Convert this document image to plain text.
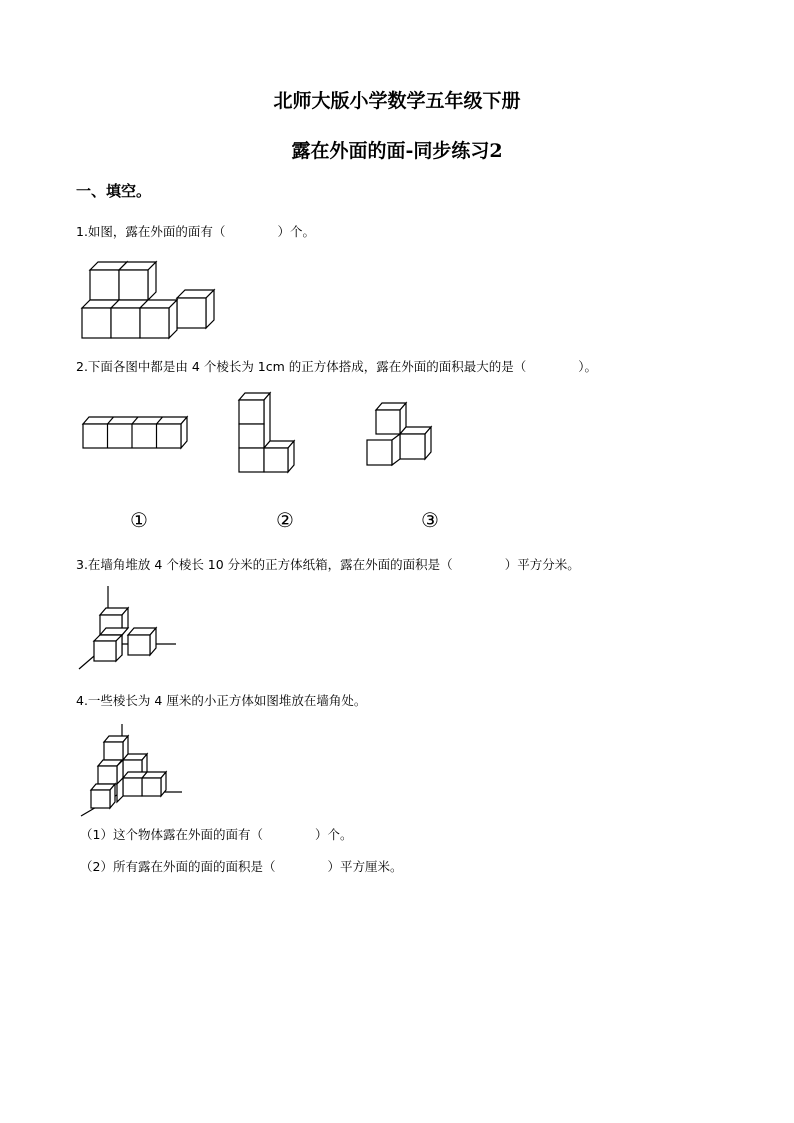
北师大版小学数学五年级下册
露在外面的面-同步练习2
一、填空。
1.如图，露在外面的面有（	）个。
2.下面各图中都是由 4 个棱长为 1cm 的正方体搭成，露在外面的面积最大的是（	）。
①	②	③
3.在墙角堆放 4 个棱长 10 分米的正方体纸箱，露在外面的面积是（	）平方分米。
4.一些棱长为 4 厘米的小正方体如图堆放在墙角处。
（1）这个物体露在外面的面有（	）个。
（2）所有露在外面的面的面积是（	）平方厘米。
